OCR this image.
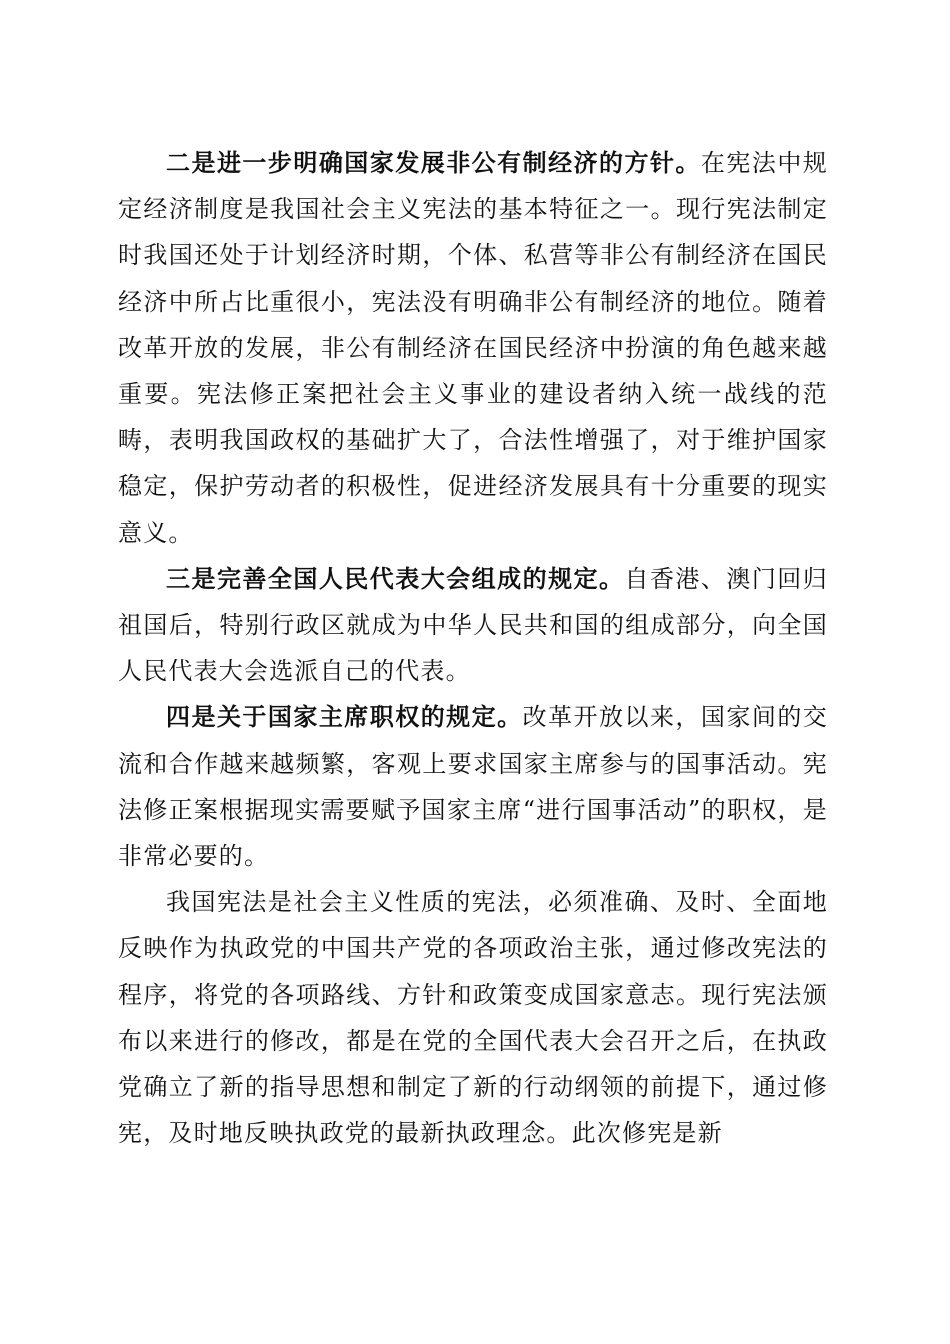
二是进一步明确国家发展非公有制经济的方针。在宪法中规定经济制度是我国社会主义宪法的基本特征之一。现行宪法制定时我国还处于计划经济时期，个体、私营等非公有制经济在国民经济中所占比重很小，宪法没有明确非公有制经济的地位。随着改革开放的发展，非公有制经济在国民经济中扮演的角色越来越重要。宪法修正案把社会主义事业的建设者纳入统一战线的范畴，表明我国政权的基础扩大了，合法性增强了，对于维护国家稳定，保护劳动者的积极性，促进经济发展具有十分重要的现实意义。

三是完善全国人民代表大会组成的规定。自香港、澳门回归祖国后，特别行政区就成为中华人民共和国的组成部分，向全国人民代表大会选派自己的代表。

四是关于国家主席职权的规定。改革开放以来，国家间的交流和合作越来越频繁，客观上要求国家主席参与的国事活动。宪法修正案根据现实需要赋予国家主席“进行国事活动”的职权，是非常必要的。

我国宪法是社会主义性质的宪法，必须准确、及时、全面地反映作为执政党的中国共产党的各项政治主张，通过修改宪法的程序，将党的各项路线、方针和政策变成国家意志。现行宪法颁布以来进行的修改，都是在党的全国代表大会召开之后，在执政党确立了新的指导思想和制定了新的行动纲领的前提下，通过修宪，及时地反映执政党的最新执政理念。此次修宪是新
